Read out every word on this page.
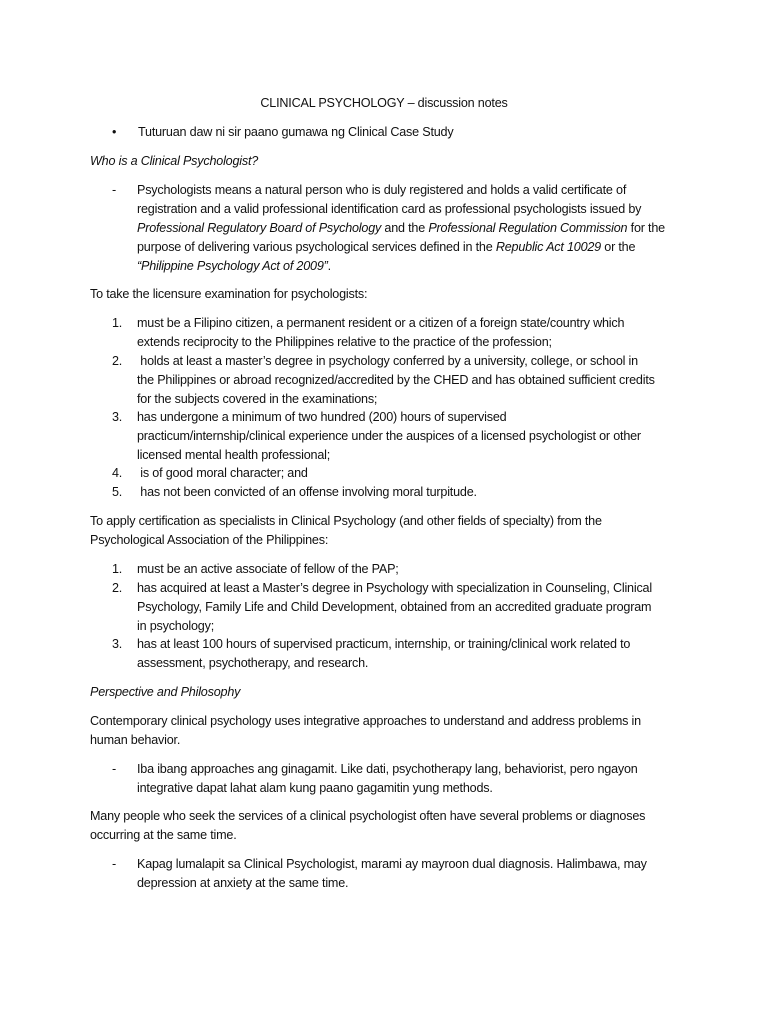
CLINICAL PSYCHOLOGY – discussion notes
•	Tuturuan daw ni sir paano gumawa ng Clinical Case Study
Who is a Clinical Psychologist?
-	Psychologists means a natural person who is duly registered and holds a valid certificate of
registration and a valid professional identification card as professional psychologists issued by
Professional Regulatory Board of Psychology and the Professional Regulation Commission for the
purpose of delivering various psychological services defined in the Republic Act 10029 or the
“Philippine Psychology Act of 2009”.
To take the licensure examination for psychologists:
1.	must be a Filipino citizen, a permanent resident or a citizen of a foreign state/country which
extends reciprocity to the Philippines relative to the practice of the profession;
2.	holds at least a master’s degree in psychology conferred by a university, college, or school in
the Philippines or abroad recognized/accredited by the CHED and has obtained sufficient credits
for the subjects covered in the examinations;
3.	has undergone a minimum of two hundred (200) hours of supervised
practicum/internship/clinical experience under the auspices of a licensed psychologist or other
licensed mental health professional;
4.	is of good moral character; and
5.	has not been convicted of an offense involving moral turpitude.
To apply certification as specialists in Clinical Psychology (and other fields of specialty) from the
Psychological Association of the Philippines:
1.	must be an active associate of fellow of the PAP;
2.	has acquired at least a Master’s degree in Psychology with specialization in Counseling, Clinical
Psychology, Family Life and Child Development, obtained from an accredited graduate program
in psychology;
3.	has at least 100 hours of supervised practicum, internship, or training/clinical work related to
assessment, psychotherapy, and research.
Perspective and Philosophy
Contemporary clinical psychology uses integrative approaches to understand and address problems in
human behavior.
-	Iba ibang approaches ang ginagamit. Like dati, psychotherapy lang, behaviorist, pero ngayon
integrative dapat lahat alam kung paano gagamitin yung methods.
Many people who seek the services of a clinical psychologist often have several problems or diagnoses
occurring at the same time.
-	Kapag lumalapit sa Clinical Psychologist, marami ay mayroon dual diagnosis. Halimbawa, may
depression at anxiety at the same time.
